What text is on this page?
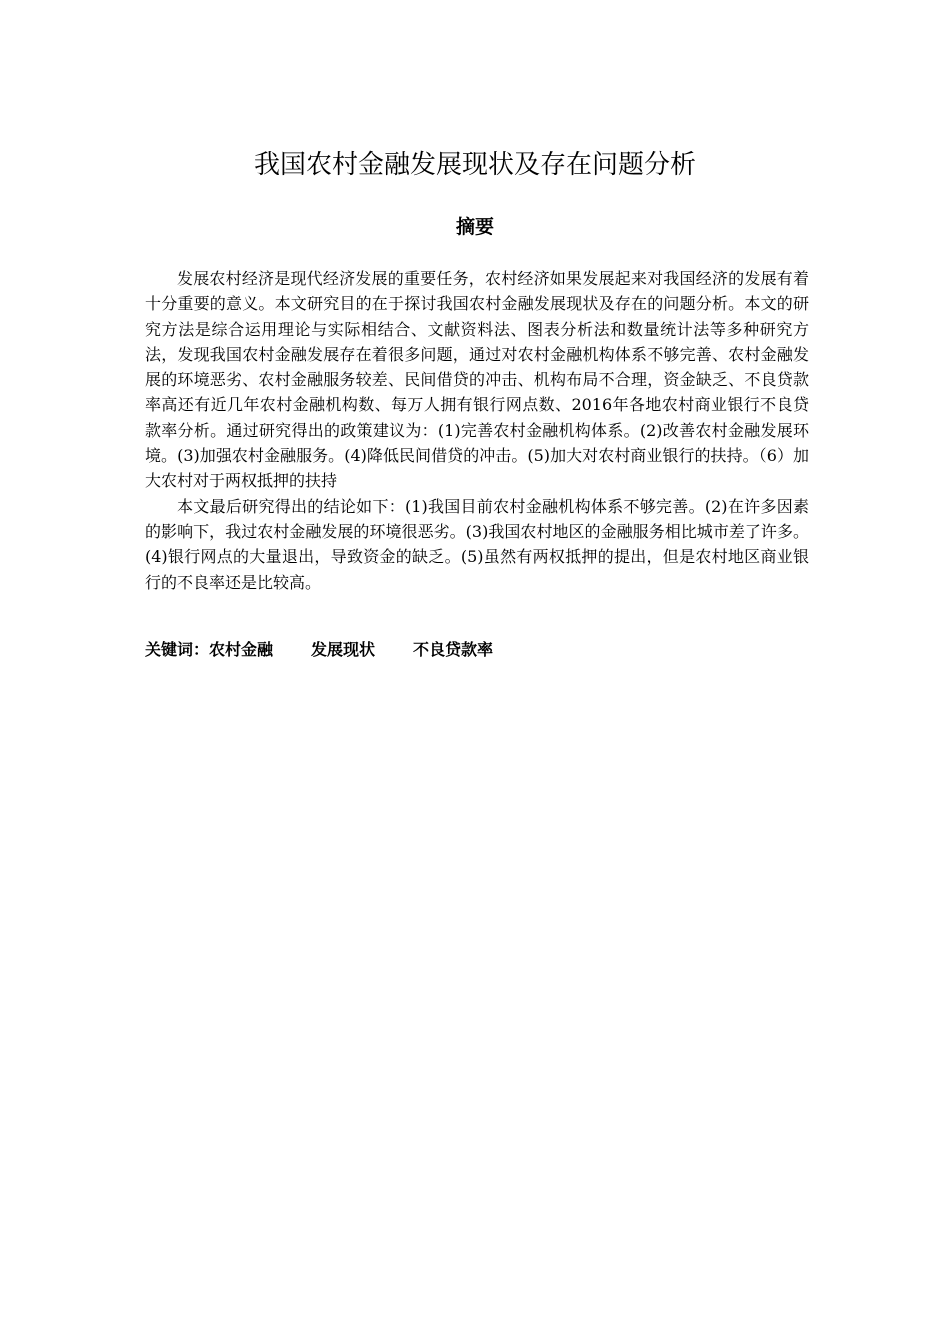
我国农村金融发展现状及存在问题分析
摘要

发展农村经济是现代经济发展的重要任务，农村经济如果发展起来对我国经济的发展有着十分重要的意义。本文研究目的在于探讨我国农村金融发展现状及存在的问题分析。本文的研究方法是综合运用理论与实际相结合、文献资料法、图表分析法和数量统计法等多种研究方法，发现我国农村金融发展存在着很多问题，通过对农村金融机构体系不够完善、农村金融发展的环境恶劣、农村金融服务较差、民间借贷的冲击、机构布局不合理，资金缺乏、不良贷款率高还有近几年农村金融机构数、每万人拥有银行网点数、2016年各地农村商业银行不良贷款率分析。通过研究得出的政策建议为：(1)完善农村金融机构体系。(2)改善农村金融发展环境。(3)加强农村金融服务。(4)降低民间借贷的冲击。(5)加大对农村商业银行的扶持。（6）加大农村对于两权抵押的扶持

本文最后研究得出的结论如下：(1)我国目前农村金融机构体系不够完善。(2)在许多因素的影响下，我过农村金融发展的环境很恶劣。(3)我国农村地区的金融服务相比城市差了许多。(4)银行网点的大量退出，导致资金的缺乏。(5)虽然有两权抵押的提出，但是农村地区商业银行的不良率还是比较高。

关键词：农村金融 发展现状 不良贷款率
